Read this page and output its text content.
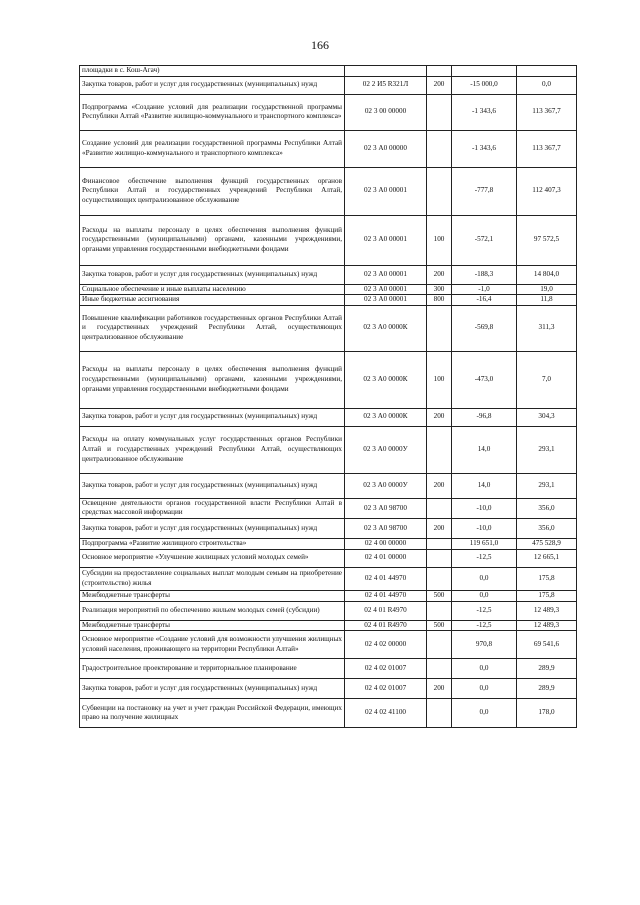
166
площадки в с. Кош-Агач)				
Закупка товаров, работ и услуг для государственных (муниципальных) нужд	02 2 И5 R321Л	200	-15 000,0	0,0
Подпрограмма «Создание условий для реализации государственной программы Республики Алтай «Развитие жилищно-коммунального и транспортного комплекса»	02 3 00 00000		-1 343,6	113 367,7
Создание условий для реализации государственной программы Республики Алтай «Развитие жилищно-коммунального и транспортного комплекса»	02 3 А0 00000		-1 343,6	113 367,7
Финансовое обеспечение выполнения функций государственных органов Республики Алтай и государственных учреждений Республики Алтай, осуществляющих централизованное обслуживание	02 3 А0 00001		-777,8	112 407,3
Расходы на выплаты персоналу в целях обеспечения выполнения функций государственными (муниципальными) органами, казенными учреждениями, органами управления государственными внебюджетными фондами	02 3 А0 00001	100	-572,1	97 572,5
Закупка товаров, работ и услуг для государственных (муниципальных) нужд	02 3 А0 00001	200	-188,3	14 804,0
Социальное обеспечение и иные выплаты населению	02 3 А0 00001	300	-1,0	19,0
Иные бюджетные ассигнования	02 3 А0 00001	800	-16,4	11,8
Повышение квалификации работников государственных органов Республики Алтай и государственных учреждений Республики Алтай, осуществляющих централизованное обслуживание	02 3 А0 0000К		-569,8	311,3
Расходы на выплаты персоналу в целях обеспечения выполнения функций государственными (муниципальными) органами, казенными учреждениями, органами управления государственными внебюджетными фондами	02 3 А0 0000К	100	-473,0	7,0
Закупка товаров, работ и услуг для государственных (муниципальных) нужд	02 3 А0 0000К	200	-96,8	304,3
Расходы на оплату коммунальных услуг государственных органов Республики Алтай и государственных учреждений Республики Алтай, осуществляющих централизованное обслуживание	02 3 А0 0000У		14,0	293,1
Закупка товаров, работ и услуг для государственных (муниципальных) нужд	02 3 А0 0000У	200	14,0	293,1
Освещение деятельности органов государственной власти Республики Алтай в средствах массовой информации	02 3 А0 98700		-10,0	356,0
Закупка товаров, работ и услуг для государственных (муниципальных) нужд	02 3 А0 98700	200	-10,0	356,0
Подпрограмма «Развитие жилищного строительства»	02 4 00 00000		119 651,0	475 528,9
Основное мероприятие «Улучшение жилищных условий молодых семей»	02 4 01 00000		-12,5	12 665,1
Субсидии на предоставление социальных выплат молодым семьям на приобретение (строительство) жилья	02 4 01 44970		0,0	175,8
Межбюджетные трансферты	02 4 01 44970	500	0,0	175,8
Реализация мероприятий по обеспечению жильем молодых семей (субсидии)	02 4 01 R4970		-12,5	12 489,3
Межбюджетные трансферты	02 4 01 R4970	500	-12,5	12 489,3
Основное мероприятие «Создание условий для возможности улучшения жилищных условий населения, проживающего на территории Республики Алтай»	02 4 02 00000		970,8	69 541,6
Градостроительное проектирование и территориальное планирование	02 4 02 01007		0,0	289,9
Закупка товаров, работ и услуг для государственных (муниципальных) нужд	02 4 02 01007	200	0,0	289,9
Субвенции на постановку на учет и учет граждан Российской Федерации, имеющих право на получение жилищных	02 4 02 41100		0,0	178,0
